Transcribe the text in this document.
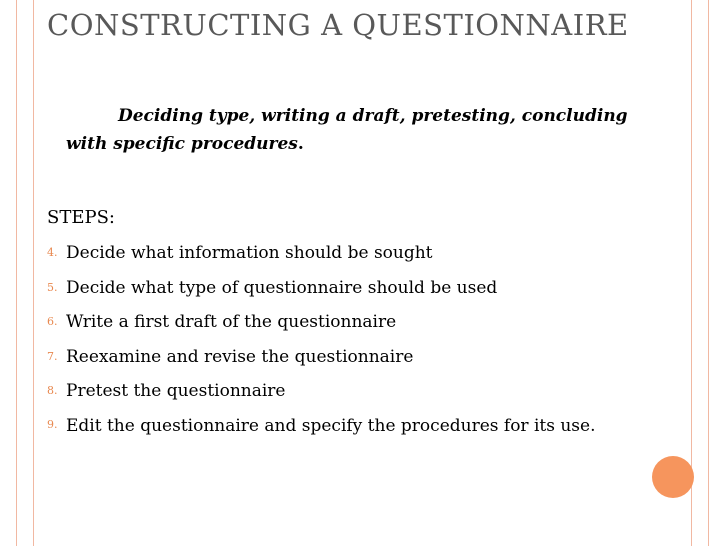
CONSTRUCTING A QUESTIONNAIRE
Deciding type, writing a draft, pretesting, concluding with specific procedures.
STEPS:
4. Decide what information should be sought
5. Decide what type of questionnaire should be used
6. Write a first draft of the questionnaire
7. Reexamine and revise the questionnaire
8. Pretest the questionnaire
9. Edit the questionnaire and specify the procedures for its use.
